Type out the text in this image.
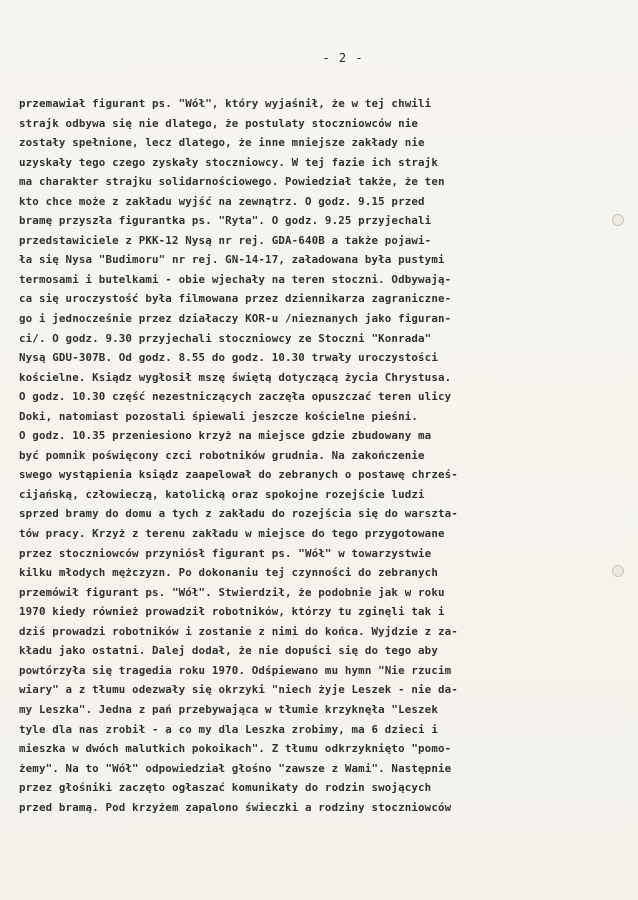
- 2 -
przemawiał figurant ps. "Wół", który wyjaśnił, że w tej chwili
strajk odbywa się nie dlatego, że postulaty stoczniowców nie
zostały spełnione, lecz dlatego, że inne mniejsze zakłady nie
uzyskały tego czego zyskały stoczniowcy. W tej fazie ich strajk
ma charakter strajku solidarnościowego. Powiedział także, że ten
kto chce może z zakładu wyjść na zewnątrz. O godz. 9.15 przed
bramę przyszła figurantka ps. "Ryta". O godz. 9.25 przyjechali
przedstawiciele z PKK-12 Nysą nr rej. GDA-640B a także pojawi-
ła się Nysa "Budimoru" nr rej. GN-14-17, załadowana była pustymi
termosami i butelkami - obie wjechały na teren stoczni. Odbywają-
ca się uroczystość była filmowana przez dziennikarza zagraniczne-
go i jednocześnie przez działaczy KOR-u /nieznanych jako figuran-
ci/. O godz. 9.30 przyjechali stoczniowcy ze Stoczni "Konrada"
Nysą GDU-307B. Od godz. 8.55 do godz. 10.30 trwały uroczystości
kościelne. Ksiądz wygłosił mszę świętą dotyczącą życia Chrystusa.
O godz. 10.30 część nezestniczących zaczęła opuszczać teren ulicy
Doki, natomiast pozostali śpiewali jeszcze kościelne pieśni.
O godz. 10.35 przeniesiono krzyż na miejsce gdzie zbudowany ma
być pomnik poświęcony czci robotników grudnia. Na zakończenie
swego wystąpienia ksiądz zaapelował do zebranych o postawę chrześ-
cijańską, człowieczą, katolicką oraz spokojne rozejście ludzi
sprzed bramy do domu a tych z zakładu do rozejścia się do warszta-
tów pracy. Krzyż z terenu zakładu w miejsce do tego przygotowane
przez stoczniowców przyniósł figurant ps. "Wół" w towarzystwie
kilku młodych mężczyzn. Po dokonaniu tej czynności do zebranych
przemówił figurant ps. "Wół". Stwierdził, że podobnie jak w roku
1970 kiedy również prowadził robotników, którzy tu zginęli tak i
dziś prowadzi robotników i zostanie z nimi do końca. Wyjdzie z za-
kładu jako ostatni. Dalej dodał, że nie dopuści się do tego aby
powtórzyła się tragedia roku 1970. Odśpiewano mu hymn "Nie rzucim
wiary" a z tłumu odezwały się okrzyki "niech żyje Leszek - nie da-
my Leszka". Jedna z pań przebywająca w tłumie krzyknęła "Leszek
tyle dla nas zrobił - a co my dla Leszka zrobimy, ma 6 dzieci i
mieszka w dwóch malutkich pokoikach". Z tłumu odkrzyknięto "pomo-
żemy". Na to "Wół" odpowiedział głośno "zawsze z Wami". Następnie
przez głośniki zaczęto ogłaszać komunikaty do rodzin swojących
przed bramą. Pod krzyżem zapalono świeczki a rodziny stoczniowców
